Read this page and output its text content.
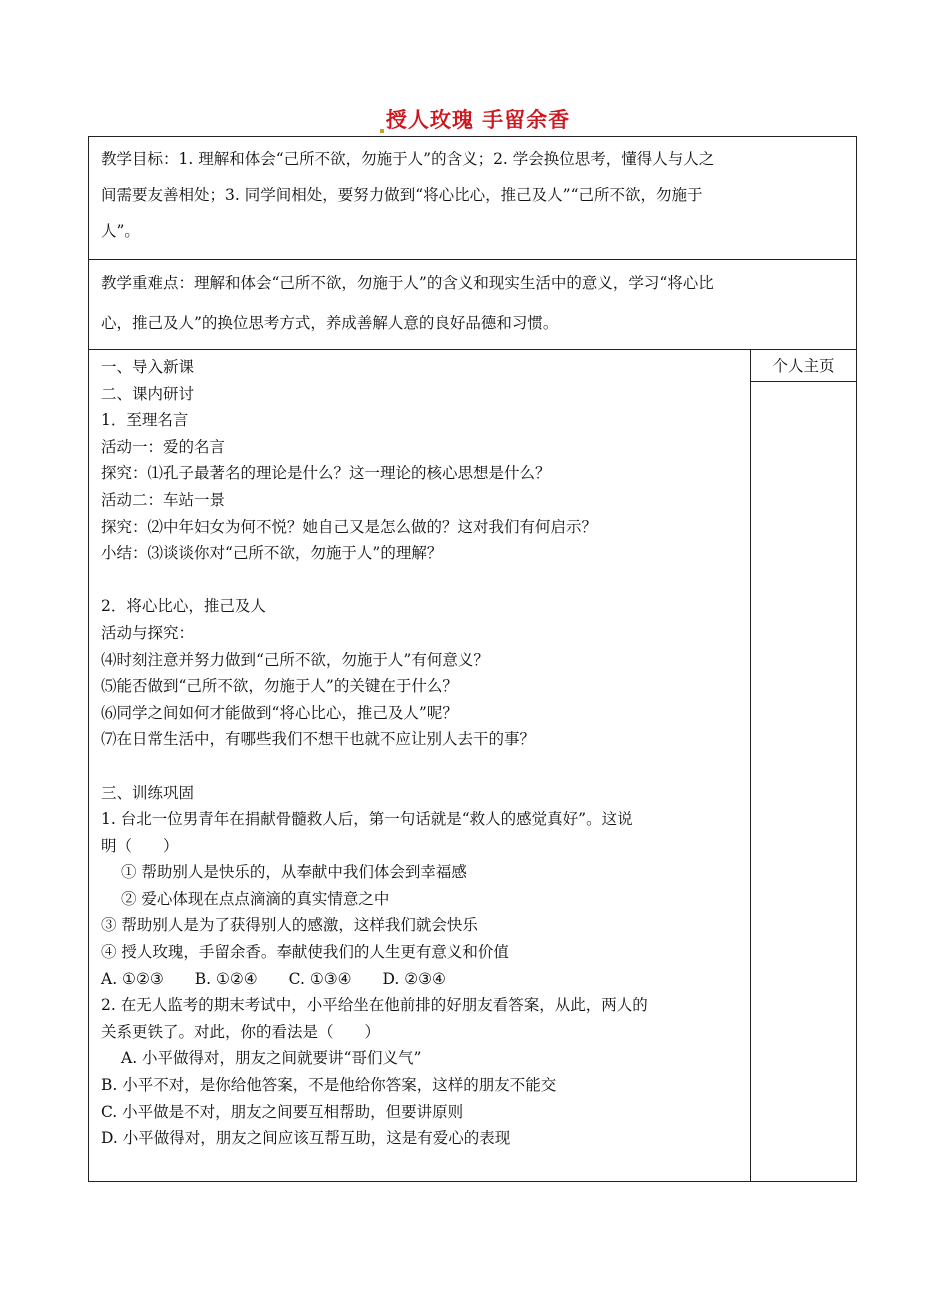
授人玫瑰 手留余香
教学目标：1. 理解和体会“己所不欲，勿施于人”的含义；2. 学会换位思考，懂得人与人之
间需要友善相处；3. 同学间相处，要努力做到“将心比心，推己及人”“己所不欲，勿施于
人”。
教学重难点：理解和体会“己所不欲，勿施于人”的含义和现实生活中的意义，学习“将心比
心，推己及人”的换位思考方式，养成善解人意的良好品德和习惯。
一、导入新课
二、课内研讨
1．至理名言
活动一：爱的名言
探究：⑴孔子最著名的理论是什么？这一理论的核心思想是什么？
活动二：车站一景
探究：⑵中年妇女为何不悦？她自己又是怎么做的？这对我们有何启示？
小结：⑶谈谈你对“己所不欲，勿施于人”的理解？
2．将心比心，推己及人
活动与探究：
⑷时刻注意并努力做到“己所不欲，勿施于人”有何意义？
⑸能否做到“己所不欲，勿施于人”的关键在于什么？
⑹同学之间如何才能做到“将心比心，推己及人”呢？
⑺在日常生活中，有哪些我们不想干也就不应让别人去干的事？
三、训练巩固
1. 台北一位男青年在捐献骨髓救人后，第一句话就是“救人的感觉真好”。这说
明（　　）
① 帮助别人是快乐的，从奉献中我们体会到幸福感
② 爱心体现在点点滴滴的真实情意之中
③ 帮助别人是为了获得别人的感激，这样我们就会快乐
④ 授人玫瑰，手留余香。奉献使我们的人生更有意义和价值
A. ①②③　　B. ①②④　　C. ①③④　　D. ②③④
2. 在无人监考的期末考试中，小平给坐在他前排的好朋友看答案，从此，两人的
关系更铁了。对此，你的看法是（　　）
A. 小平做得对，朋友之间就要讲“哥们义气”
B. 小平不对，是你给他答案，不是他给你答案，这样的朋友不能交
C. 小平做是不对，朋友之间要互相帮助，但要讲原则
D. 小平做得对，朋友之间应该互帮互助，这是有爱心的表现
个人主页
